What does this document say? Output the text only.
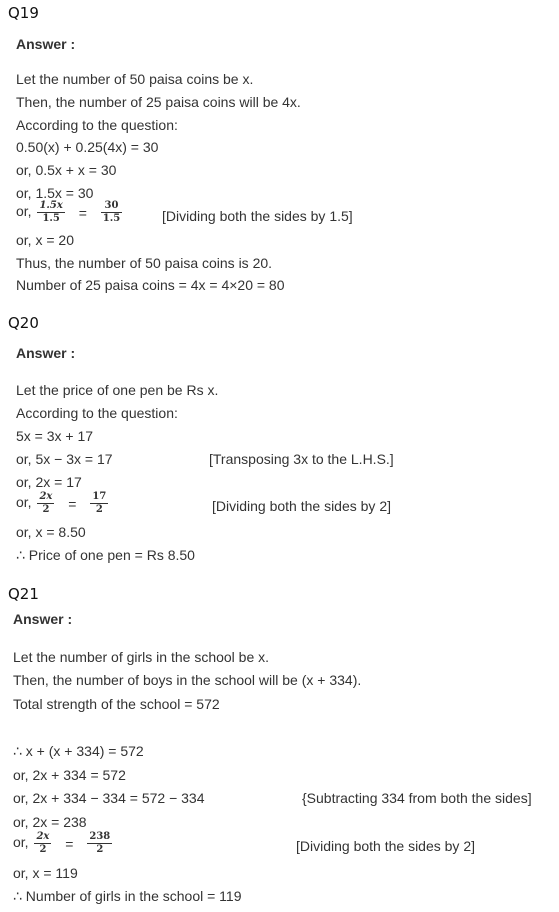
Q19
Answer :
Let the number of 50 paisa coins be x.
Then, the number of 25 paisa coins will be 4x.
According to the question:
0.50(x) + 0.25(4x) = 30
or, 0.5x + x = 30
or, 1.5x = 30
or, $\frac{1.5x}{1.5} = \frac{30}{1.5}$	[Dividing both the sides by 1.5]
or, x = 20
Thus, the number of 50 paisa coins is 20.
Number of 25 paisa coins = 4x = 4×20 = 80
Q20
Answer :
Let the price of one pen be Rs x.
According to the question:
5x = 3x + 17
or, 5x − 3x = 17	[Transposing 3x to the L.H.S.]
or, 2x = 17
or, $\frac{2x}{2} = \frac{17}{2}$	[Dividing both the sides by 2]
or, x = 8.50
∴ Price of one pen = Rs 8.50
Q21
Answer :
Let the number of girls in the school be x.
Then, the number of boys in the school will be (x + 334).
Total strength of the school = 572
∴ x + (x + 334) = 572
or, 2x + 334 = 572
or, 2x + 334 − 334 = 572 − 334	{Subtracting 334 from both the sides]
or, 2x = 238
or, $\frac{2x}{2} = \frac{238}{2}$	[Dividing both the sides by 2]
or, x = 119
∴ Number of girls in the school = 119
